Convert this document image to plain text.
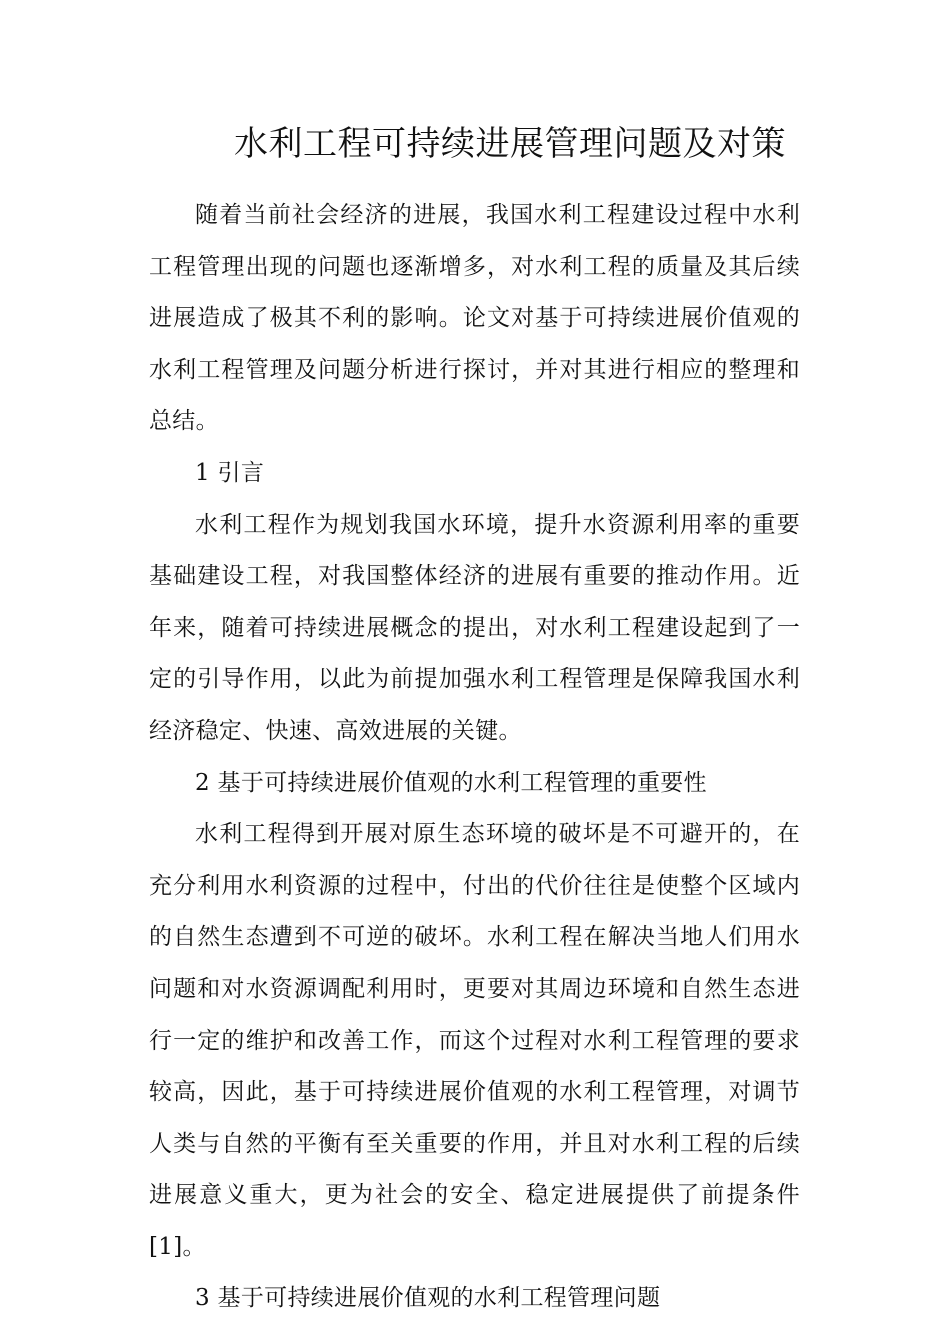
水利工程可持续进展管理问题及对策

随着当前社会经济的进展，我国水利工程建设过程中水利工程管理出现的问题也逐渐增多，对水利工程的质量及其后续进展造成了极其不利的影响。论文对基于可持续进展价值观的水利工程管理及问题分析进行探讨，并对其进行相应的整理和总结。

1 引言

水利工程作为规划我国水环境，提升水资源利用率的重要基础建设工程，对我国整体经济的进展有重要的推动作用。近年来，随着可持续进展概念的提出，对水利工程建设起到了一定的引导作用，以此为前提加强水利工程管理是保障我国水利经济稳定、快速、高效进展的关键。

2 基于可持续进展价值观的水利工程管理的重要性

水利工程得到开展对原生态环境的破坏是不可避开的，在充分利用水利资源的过程中，付出的代价往往是使整个区域内的自然生态遭到不可逆的破坏。水利工程在解决当地人们用水问题和对水资源调配利用时，更要对其周边环境和自然生态进行一定的维护和改善工作，而这个过程对水利工程管理的要求较高，因此，基于可持续进展价值观的水利工程管理，对调节人类与自然的平衡有至关重要的作用，并且对水利工程的后续进展意义重大，更为社会的安全、稳定进展提供了前提条件[1]。

3 基于可持续进展价值观的水利工程管理问题
